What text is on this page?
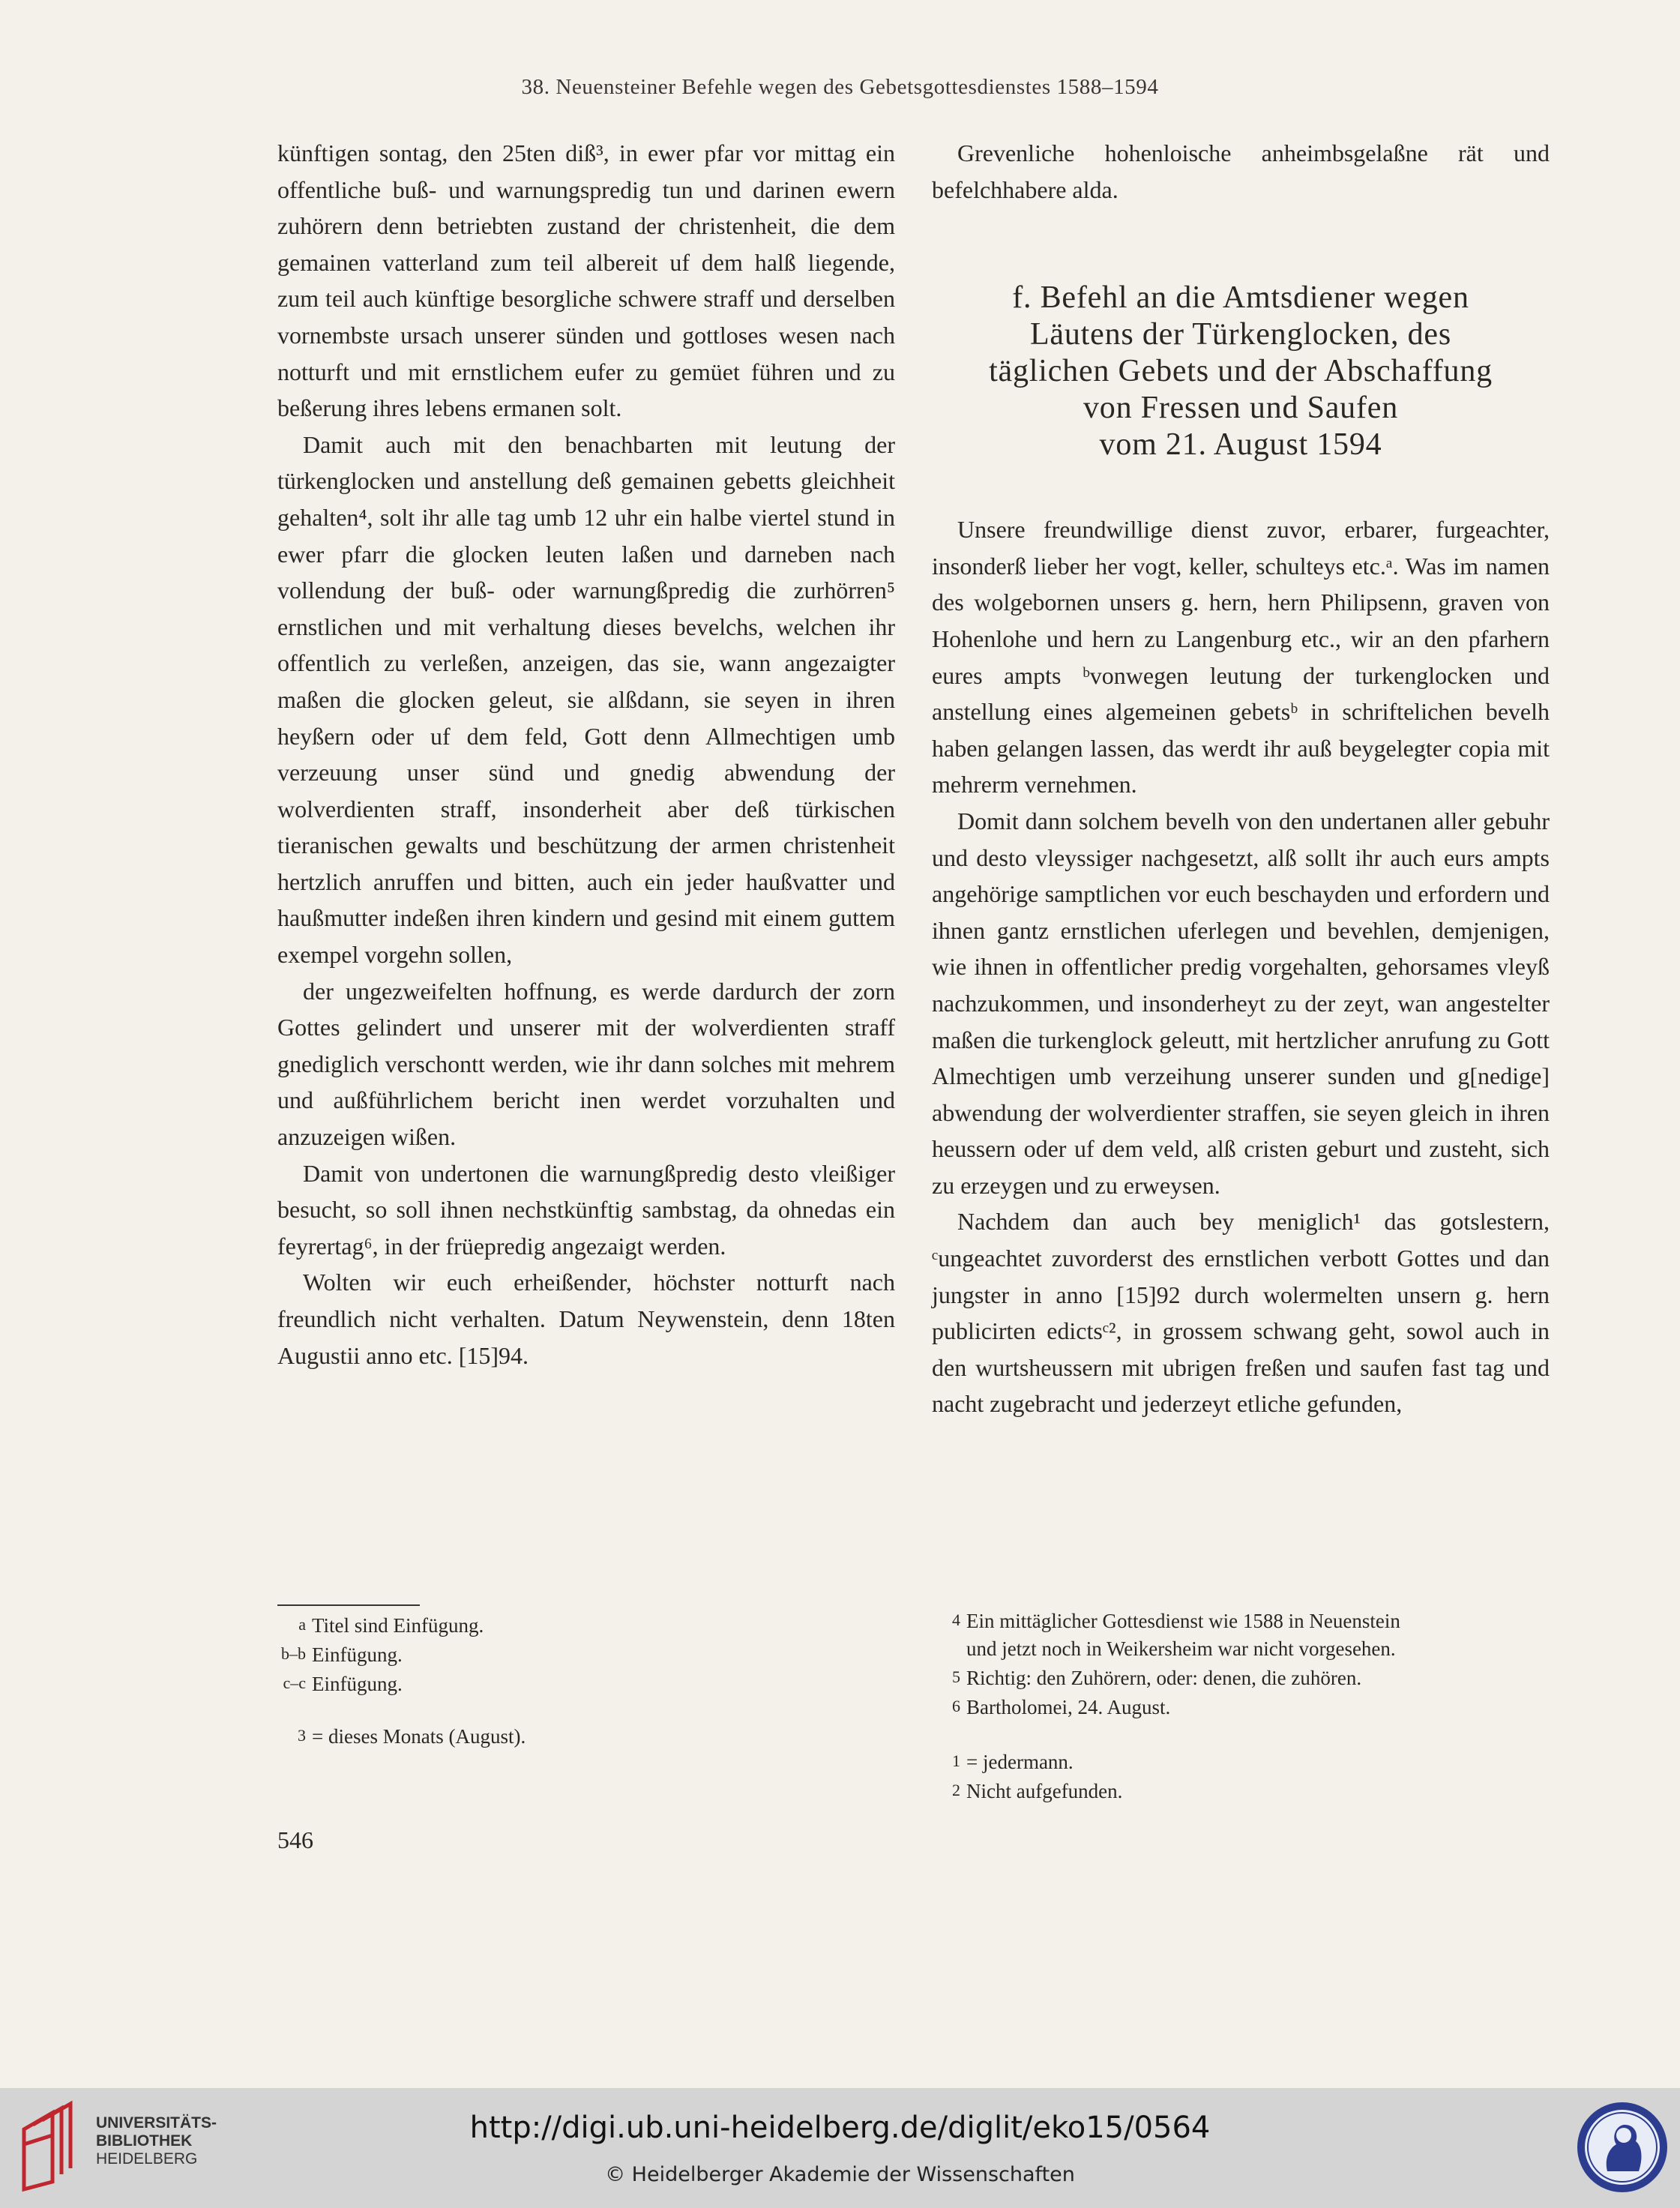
38. Neuensteiner Befehle wegen des Gebetsgottesdienstes 1588–1594

künftigen sontag, den 25ten diß³, in ewer pfar vor mittag ein offentliche buß- und warnungspredig tun und darinen ewern zuhörern denn betriebten zustand der christenheit, die dem gemainen vatterland zum teil albereit uf dem halß liegende, zum teil auch künftige besorgliche schwere straff und derselben vornembste ursach unserer sünden und gottloses wesen nach notturft und mit ernstlichem eufer zu gemüet führen und zu beßerung ihres lebens ermanen solt.

Damit auch mit den benachbarten mit leutung der türkenglocken und anstellung deß gemainen gebetts gleichheit gehalten⁴, solt ihr alle tag umb 12 uhr ein halbe viertel stund in ewer pfarr die glocken leuten laßen und darneben nach vollendung der buß- oder warnungßpredig die zurhörren⁵ ernstlichen und mit verhaltung dieses bevelchs, welchen ihr offentlich zu verleßen, anzeigen, das sie, wann angezaigter maßen die glocken geleut, sie alßdann, sie seyen in ihren heyßern oder uf dem feld, Gott denn Allmechtigen umb verzeuung unser sünd und gnedig abwendung der wolverdienten straff, insonderheit aber deß türkischen tieranischen gewalts und beschützung der armen christenheit hertzlich anruffen und bitten, auch ein jeder haußvatter und haußmutter indeßen ihren kindern und gesind mit einem guttem exempel vorgehn sollen,

der ungezweifelten hoffnung, es werde dardurch der zorn Gottes gelindert und unserer mit der wolverdienten straff gnediglich verschontt werden, wie ihr dann solches mit mehrem und außführlichem bericht inen werdet vorzuhalten und anzuzeigen wißen.

Damit von undertonen die warnungßpredig desto vleißiger besucht, so soll ihnen nechstkünftig sambstag, da ohnedas ein feyrertag⁶, in der früepredig angezaigt werden.

Wolten wir euch erheißender, höchster notturft nach freundlich nicht verhalten. Datum Neywenstein, denn 18ten Augustii anno etc. [15]94.

Grevenliche hohenloische anheimbsgelaßne rät und befelchhabere alda.

f. Befehl an die Amtsdiener wegen
Läutens der Türkenglocken, des
täglichen Gebets und der Abschaffung
von Fressen und Saufen
vom 21. August 1594

Unsere freundwillige dienst zuvor, erbarer, furgeachter, insonderß lieber her vogt, keller, schulteys etc.ᵃ. Was im namen des wolgebornen unsers g. hern, hern Philipsenn, graven von Hohenlohe und hern zu Langenburg etc., wir an den pfarhern eures ampts ᵇvonwegen leutung der turkenglocken und anstellung eines algemeinen gebetsᵇ in schriftelichen bevelh haben gelangen lassen, das werdt ihr auß beygelegter copia mit mehrerm vernehmen.

Domit dann solchem bevelh von den undertanen aller gebuhr und desto vleyssiger nachgesetzt, alß sollt ihr auch eurs ampts angehörige samptlichen vor euch beschayden und erfordern und ihnen gantz ernstlichen uferlegen und bevehlen, demjenigen, wie ihnen in offentlicher predig vorgehalten, gehorsames vleyß nachzukommen, und insonderheyt zu der zeyt, wan angestelter maßen die turkenglock geleutt, mit hertzlicher anrufung zu Gott Almechtigen umb verzeihung unserer sunden und g[nedige] abwendung der wolverdienter straffen, sie seyen gleich in ihren heussern oder uf dem veld, alß cristen geburt und zusteht, sich zu erzeygen und zu erweysen.

Nachdem dan auch bey meniglich¹ das gotslestern, ᶜungeachtet zuvorderst des ernstlichen verbott Gottes und dan jungster in anno [15]92 durch wolermelten unsern g. hern publicirten edictsᶜ², in grossem schwang geht, sowol auch in den wurtsheussern mit ubrigen freßen und saufen fast tag und nacht zugebracht und jederzeyt etliche gefunden,

a Titel sind Einfügung.
b–b Einfügung.
c–c Einfügung.
3 = dieses Monats (August).
4 Ein mittäglicher Gottesdienst wie 1588 in Neuenstein
und jetzt noch in Weikersheim war nicht vorgesehen.
5 Richtig: den Zuhörern, oder: denen, die zuhören.
6 Bartholomei, 24. August.
1 = jedermann.
2 Nicht aufgefunden.
546
UNIVERSITÄTS-
BIBLIOTHEK
HEIDELBERG
http://digi.ub.uni-heidelberg.de/diglit/eko15/0564
© Heidelberger Akademie der Wissenschaften
